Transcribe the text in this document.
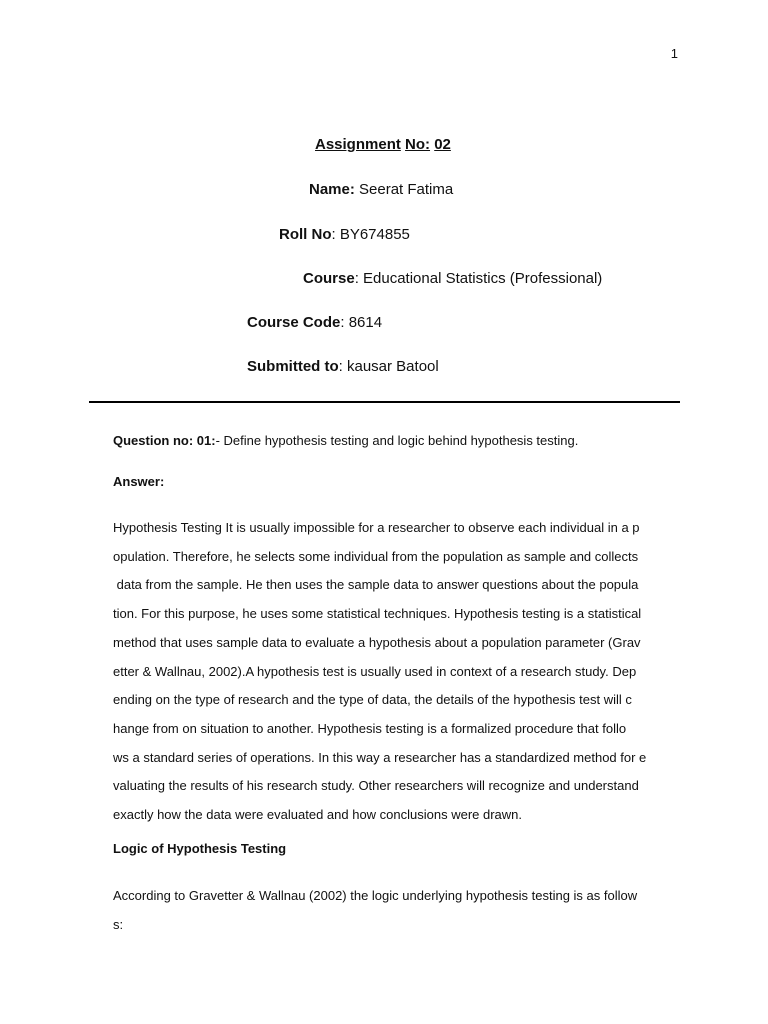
1
Assignment No: 02
Name: Seerat Fatima
Roll No: BY674855
Course: Educational Statistics (Professional)
Course Code: 8614
Submitted to: kausar Batool
Question no: 01:- Define hypothesis testing and logic behind hypothesis testing.
Answer:
Hypothesis Testing It is usually impossible for a researcher to observe each individual in a p
opulation. Therefore, he selects some individual from the population as sample and collects
data from the sample. He then uses the sample data to answer questions about the popula
tion. For this purpose, he uses some statistical techniques. Hypothesis testing is a statistical
method that uses sample data to evaluate a hypothesis about a population parameter (Grav
etter & Wallnau, 2002).A hypothesis test is usually used in context of a research study. Dep
ending on the type of research and the type of data, the details of the hypothesis test will c
hange from on situation to another. Hypothesis testing is a formalized procedure that follo
ws a standard series of operations. In this way a researcher has a standardized method for e
valuating the results of his research study. Other researchers will recognize and understand
exactly how the data were evaluated and how conclusions were drawn.
Logic of Hypothesis Testing
According to Gravetter & Wallnau (2002) the logic underlying hypothesis testing is as follow
s:
